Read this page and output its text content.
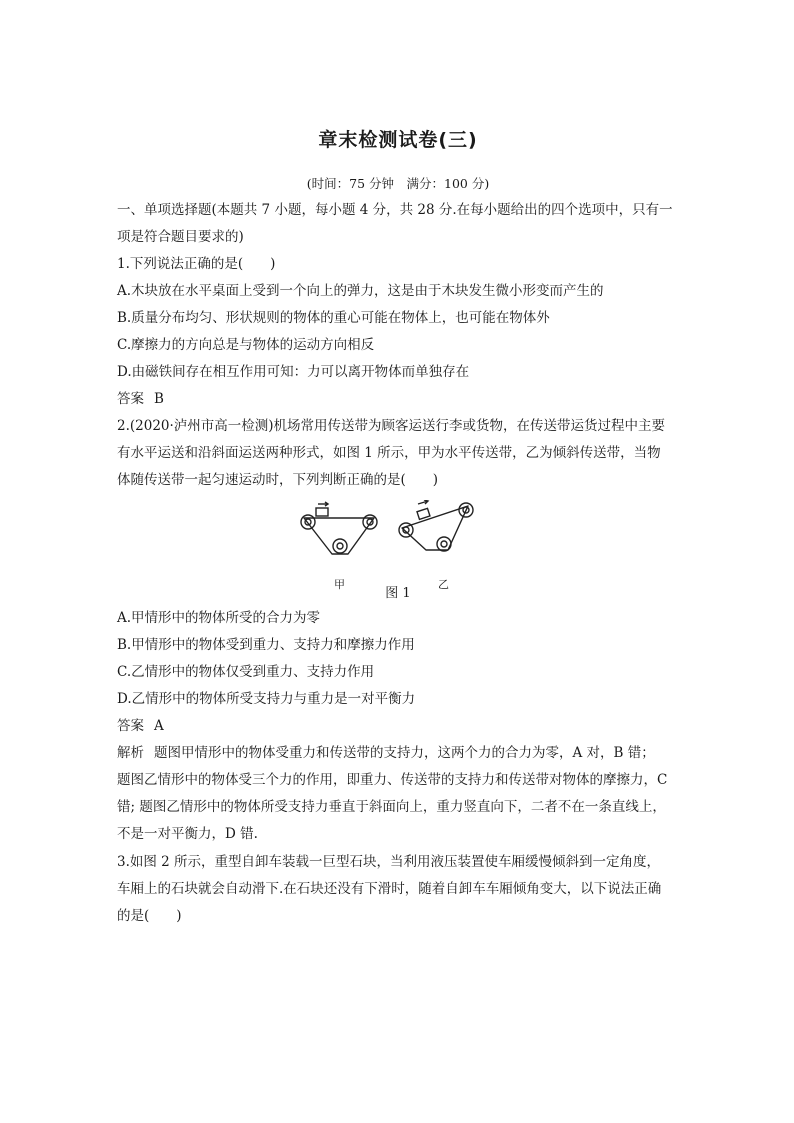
章末检测试卷(三)
(时间：75 分钟　满分：100 分)
一、单项选择题(本题共 7 小题，每小题 4 分，共 28 分.在每小题给出的四个选项中，只有一
项是符合题目要求的)
1.下列说法正确的是(　　)
A.木块放在水平桌面上受到一个向上的弹力，这是由于木块发生微小形变而产生的
B.质量分布均匀、形状规则的物体的重心可能在物体上，也可能在物体外
C.摩擦力的方向总是与物体的运动方向相反
D.由磁铁间存在相互作用可知：力可以离开物体而单独存在
答案 B
2.(2020·泸州市高一检测)机场常用传送带为顾客运送行李或货物，在传送带运货过程中主要
有水平运送和沿斜面运送两种形式，如图 1 所示，甲为水平传送带，乙为倾斜传送带，当物
体随传送带一起匀速运动时，下列判断正确的是(　　)
甲	乙
图 1
A.甲情形中的物体所受的合力为零
B.甲情形中的物体受到重力、支持力和摩擦力作用
C.乙情形中的物体仅受到重力、支持力作用
D.乙情形中的物体所受支持力与重力是一对平衡力
答案 A
解析 题图甲情形中的物体受重力和传送带的支持力，这两个力的合力为零，A 对，B 错；
题图乙情形中的物体受三个力的作用，即重力、传送带的支持力和传送带对物体的摩擦力，C
错; 题图乙情形中的物体所受支持力垂直于斜面向上，重力竖直向下，二者不在一条直线上，
不是一对平衡力，D 错.
3.如图 2 所示，重型自卸车装载一巨型石块，当利用液压装置使车厢缓慢倾斜到一定角度，
车厢上的石块就会自动滑下.在石块还没有下滑时，随着自卸车车厢倾角变大，以下说法正确
的是(　　)
